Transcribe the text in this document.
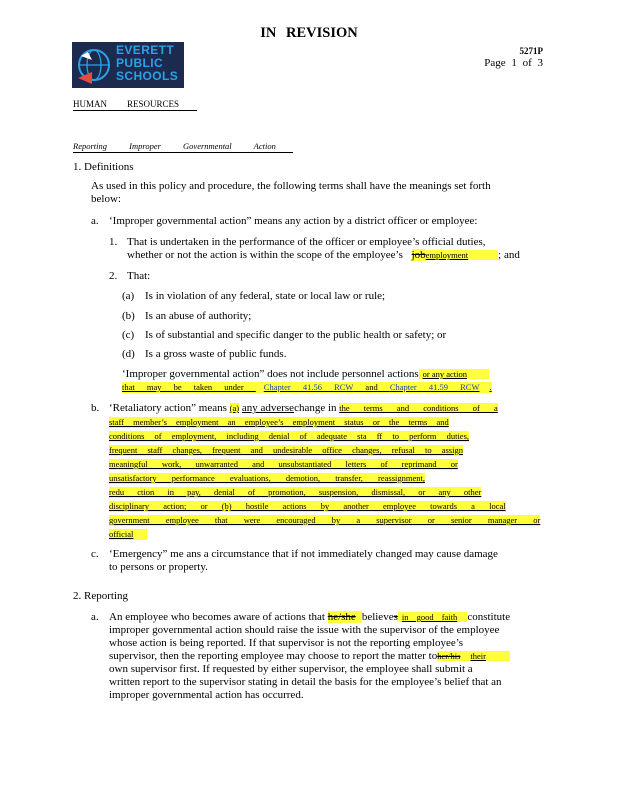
IN REVISION
EVERETT
PUBLIC
SCHOOLS
5271P
Page 1 of 3
HUMAN RESOURCES
Reporting Improper Governmental Action
1. Definitions
As used in this policy and procedure, the following terms shall have the meanings set forth
below:
a. ‘Improper governmental action” means any action by a district officer or employee:
1. That is undertaken in the performance of the officer or employee’s official duties,
whether or not the action is within the scope of the employee’s jobemployment	; and
2. That:
(a) Is in violation of any federal, state or local law or rule;
(b) Is an abuse of authority;
(c) Is of substantial and specific danger to the public health or safety; or
(d) Is a gross waste of public funds.
‘Improper governmental action” does not include personnel actions or any action
that may be taken under Chapter 41.56 RCW and Chapter 41.59 RCW .
b. ‘Retaliatory action” means (a) any adversechange in the terms and conditions of a
staff member’s employment an employee’s employment status or the terms and
conditions of employment, including denial of adequate sta ff to perform duties,
frequent staff changes, frequent and undesirable office changes, refusal to assign
meaningful work, unwarranted and unsubstantiated letters of reprimand or
unsatisfactory performance evaluations, demotion, transfer, reassignment,
redu ction in pay, denial of promotion, suspension, dismissal, or any other
disciplinary action; or (b) hostile actions by another employee towards a local
government employee that were encouraged by a supervisor or senior manager or
official
c. ‘Emergency” me ans a circumstance that if not immediately changed may cause damage
to persons or property.
2. Reporting
a. An employee who becomes aware of actions that he/she believes in good faith constitute
improper governmental action should raise the issue with the supervisor of the employee
whose action is being reported. If that supervisor is not the reporting employee’s
supervisor, then the reporting employee may choose to report the matter toher/his their
own supervisor first. If requested by either supervisor, the employee shall submit a
written report to the supervisor stating in detail the basis for the employee’s belief that an
improper governmental action has occurred.
